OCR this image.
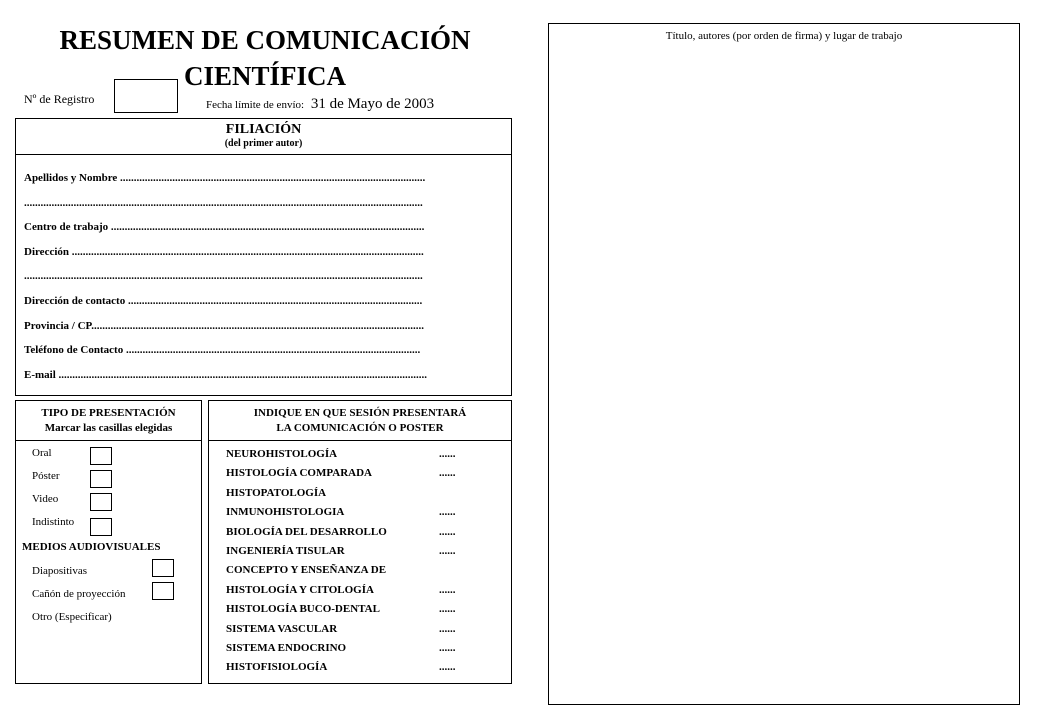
RESUMEN DE COMUNICACIÓN
CIENTÍFICA
Nº de Registro	Fecha límite de envío: 31 de Mayo de 2003
FILIACIÓN
(del primer autor)
Apellidos y Nombre ...............................................................................................................
.................................................................................................................................................
Centro de trabajo ..................................................................................................................
Dirección ................................................................................................................................
.................................................................................................................................................
Dirección de contacto ...........................................................................................................
Provincia / CP.........................................................................................................................
Teléfono de Contacto ...........................................................................................................
E-mail ......................................................................................................................................
TIPO DE PRESENTACIÓN
Marcar las casillas elegidas
Oral
Póster
Video
Indistinto
MEDIOS AUDIOVISUALES
Diapositivas
Cañón de proyección
Otro (Especificar)
INDIQUE EN QUE SESIÓN PRESENTARÁ
LA COMUNICACIÓN O POSTER
NEUROHISTOLOGÍA	......
HISTOLOGÍA COMPARADA	......
HISTOPATOLOGÍA
INMUNOHISTOLOGIA	......
BIOLOGÍA DEL DESARROLLO	......
INGENIERÍA TISULAR	......
CONCEPTO Y ENSEÑANZA DE
HISTOLOGÍA Y CITOLOGÍA	......
HISTOLOGÍA BUCO-DENTAL	......
SISTEMA VASCULAR	......
SISTEMA ENDOCRINO	......
HISTOFISIOLOGÍA	......
Título, autores (por orden de firma) y lugar de trabajo
